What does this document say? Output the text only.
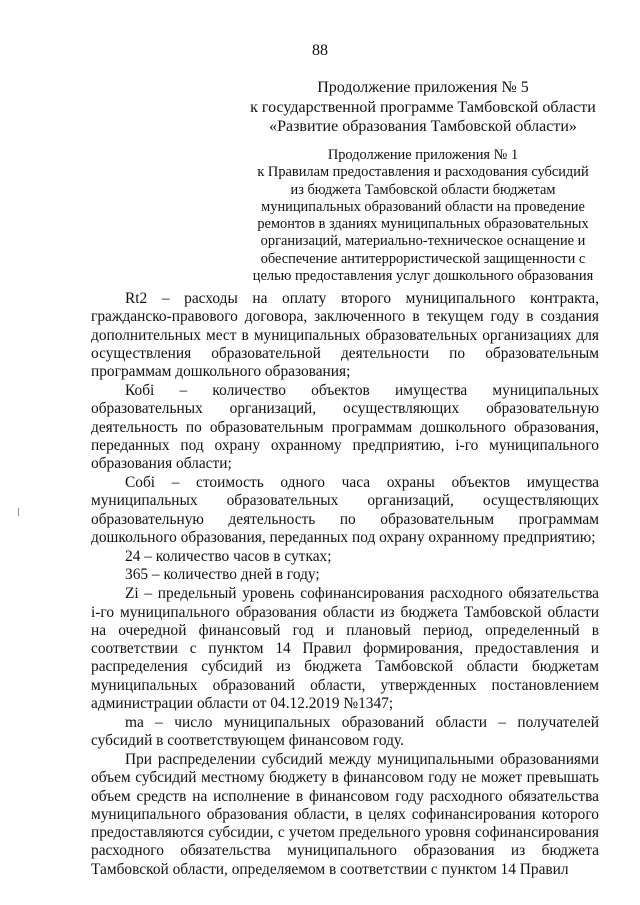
88
Продолжение приложения № 5
к государственной программе Тамбовской области
«Развитие образования Тамбовской области»
Продолжение приложения № 1
к Правилам предоставления и расходования субсидий
из бюджета Тамбовской области бюджетам
муниципальных образований области на проведение
ремонтов в зданиях муниципальных образовательных
организаций, материально-техническое оснащение и
обеспечение антитеррористической защищенности с
целью предоставления услуг дошкольного образования

Rt2 – расходы на оплату второго муниципального контракта, гражданско-правового договора, заключенного в текущем году в создания дополнительных мест в муниципальных образовательных организациях для осуществления образовательной деятельности по образовательным программам дошкольного образования;

Кобi – количество объектов имущества муниципальных образовательных организаций, осуществляющих образовательную деятельность по образовательным программам дошкольного образования, переданных под охрану охранному предприятию, i-го муниципального образования области;

Собi – стоимость одного часа охраны объектов имущества муниципальных образовательных организаций, осуществляющих образовательную деятельность по образовательным программам дошкольного образования, переданных под охрану охранному предприятию;

24 – количество часов в сутках;

365 – количество дней в году;

Zi – предельный уровень софинансирования расходного обязательства i-го муниципального образования области из бюджета Тамбовской области на очередной финансовый год и плановый период, определенный в соответствии с пунктом 14 Правил формирования, предоставления и распределения субсидий из бюджета Тамбовской области бюджетам муниципальных образований области, утвержденных постановлением администрации области от 04.12.2019 №1347;

ma – число муниципальных образований области – получателей субсидий в соответствующем финансовом году.

При распределении субсидий между муниципальными образованиями объем субсидий местному бюджету в финансовом году не может превышать объем средств на исполнение в финансовом году расходного обязательства муниципального образования области, в целях софинансирования которого предоставляются субсидии, с учетом предельного уровня софинансирования расходного обязательства муниципального образования из бюджета Тамбовской области, определяемом в соответствии с пунктом 14 Правил
